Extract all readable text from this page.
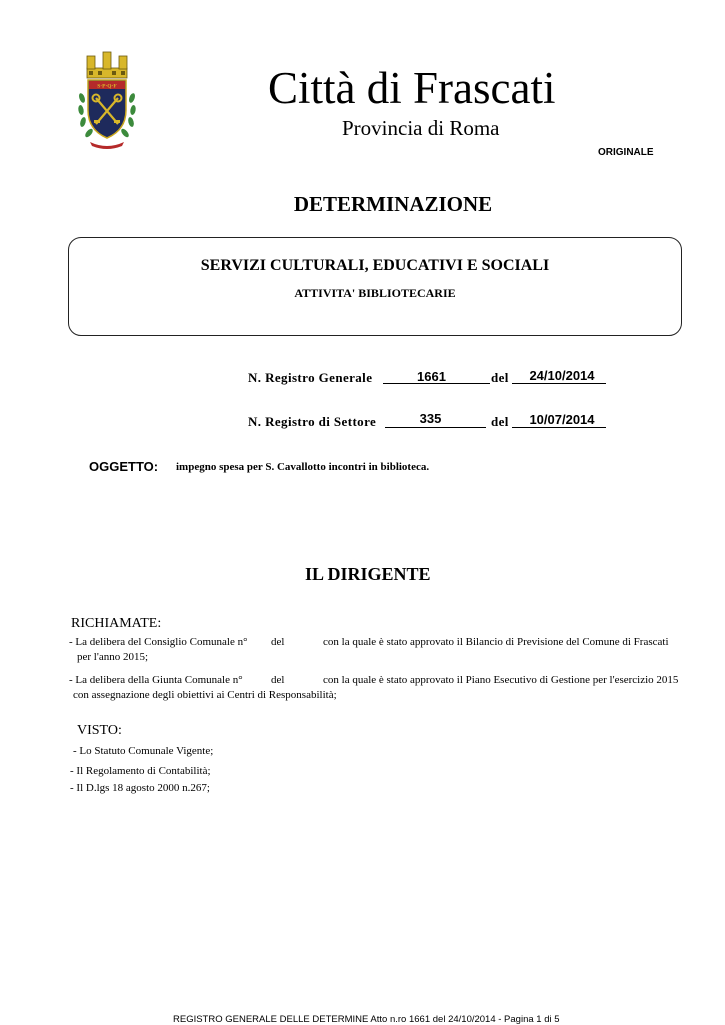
S·P·Q·F	Città di Frascati
Provincia di Roma
ORIGINALE
DETERMINAZIONE
SERVIZI CULTURALI, EDUCATIVI E SOCIALI
ATTIVITA' BIBLIOTECARIE
N. Registro Generale	1661	del	24/10/2014
N. Registro di Settore	335	del	10/07/2014
OGGETTO: impegno spesa per S. Cavallotto incontri in biblioteca.
IL DIRIGENTE
RICHIAMATE:
- La delibera del Consiglio Comunale n° del	con la quale è stato approvato il Bilancio di Previsione del Comune di Frascati
per l'anno 2015;
- La delibera della Giunta Comunale n°	del	con la quale è stato approvato il Piano Esecutivo di Gestione per l'esercizio 2015
con assegnazione degli obiettivi ai Centri di Responsabilità;
VISTO:
- Lo Statuto Comunale Vigente;
- Il Regolamento di Contabilità;
- Il D.lgs 18 agosto 2000 n.267;
REGISTRO GENERALE DELLE DETERMINE Atto n.ro 1661 del 24/10/2014 - Pagina 1 di 5
